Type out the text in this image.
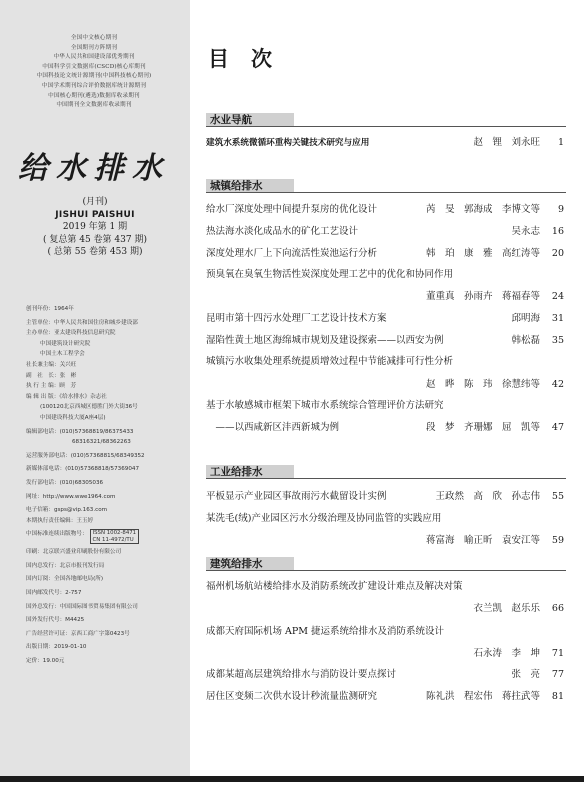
全国中文核心期刊
全国期刊方阵期刊
中华人民共和国建设部优秀期刊
中国科学引文数据库(CSCD)核心库期刊
中国科技论文统计源期刊(中国科技核心期刊)
中国学术期刊综合评价数据库统计源期刊
中国核心期刊(遴选)数据库收录期刊
中国期刊全文数据库收录期刊
给水排水
(月刊)
JISHUI PAISHUI
2019 年第 1 期
( 复总第 45 卷第 437 期)
( 总第 55 卷第 453 期)
创刊年份：1964年
主管单位：中华人民共和国住房和城乡建设部
主办单位：亚太建设科技信息研究院
中国建筑设计研究院
中国土木工程学会
社长兼主编：关兴旺
副　社　长：张　彬
执 行 主 编：顾　芳
编 辑 出 版：《给水排水》杂志社
(100120北京西城区德胜门外大街36号
中国建设科技大厦A座4层)
编辑部电话：(010)57368819/86375433
68316321/68362263
运营服务部电话：(010)57368815/68349352
新媒体部电话：(010)57368818/57369047
发行部电话：(010)68305036
网址：http://www.wwe1964.com
电子信箱：gsps@vip.163.com
本期执行责任编辑：王玉婷
中国标准连续出版物号： ISSN 1002-8471
CN 11-4972/TU
印刷：北京联兴盛业印刷股份有限公司
国内总发行：北京市报刊发行局
国内订阅：全国各地邮电局(所)
国内邮发代号：2-757
国外总发行：中国国际图书贸易集团有限公司
国外发行代号：M4425
广告经营许可证：京西工商广字第0423号
出版日期：2019-01-10
定价：19.00元
目次
水业导航
建筑水系统微循环重构关键技术研究与应用	赵　锂　刘永旺	1
城镇给排水
给水厂深度处理中间提升泵房的优化设计	芮　旻　郭海成　李博文等	9
热法海水淡化成品水的矿化工艺设计	吴永志	16
深度处理水厂上下向流活性炭池运行分析	韩　珀　康　雅　高红涛等	20
预臭氧在臭氧生物活性炭深度处理工艺中的优化和协同作用
董重真　孙雨卉　蒋福春等	24
昆明市第十四污水处理厂工艺设计技术方案	邱明海	31
湿陷性黄土地区海绵城市规划及建设探索——以西安为例	韩松磊	35
城镇污水收集处理系统提质增效过程中节能减排可行性分析
赵　晔　陈　玮　徐慧纬等	42
基于水敏感城市框架下城市水系统综合管理评价方法研究
　——以西咸新区沣西新城为例	段　梦　齐珊娜　屈　凯等	47
工业给排水
平板显示产业园区事故雨污水截留设计实例	王政然　高　欣　孙志伟	55
某洗毛(绒)产业园区污水分级治理及协同监管的实践应用
蒋富海　喻正昕　袁安江等	59
建筑给排水
福州机场航站楼给排水及消防系统改扩建设计难点及解决对策
衣兰凯　赵乐乐	66
成都天府国际机场 APM 捷运系统给排水及消防系统设计
石永涛　李　坤	71
成都某超高层建筑给排水与消防设计要点探讨	张　亮	77
居住区变频二次供水设计秒流量监测研究	陈礼洪　程宏伟　蒋拄武等	81
